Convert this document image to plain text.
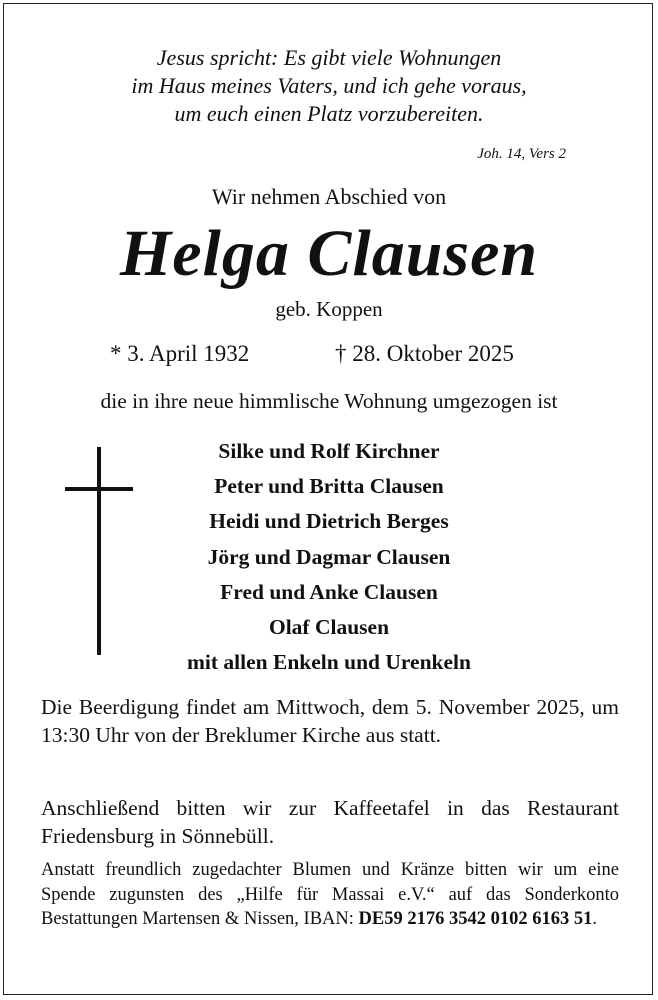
Jesus spricht: Es gibt viele Wohnungen
im Haus meines Vaters, und ich gehe voraus,
um euch einen Platz vorzubereiten.
Joh. 14, Vers 2
Wir nehmen Abschied von
Helga Clausen
geb. Koppen
* 3. April 1932	† 28. Oktober 2025
die in ihre neue himmlische Wohnung umgezogen ist
Silke und Rolf Kirchner
Peter und Britta Clausen
Heidi und Dietrich Berges
Jörg und Dagmar Clausen
Fred und Anke Clausen
Olaf Clausen
mit allen Enkeln und Urenkeln
Die Beerdigung findet am Mittwoch, dem 5. November 2025, um 13:30 Uhr von der Breklumer Kirche aus statt.
Anschließend bitten wir zur Kaffeetafel in das Restaurant Friedensburg in Sönnebüll.
Anstatt freundlich zugedachter Blumen und Kränze bitten wir um eine Spende zugunsten des „Hilfe für Massai e.V.“ auf das Sonderkonto Bestattungen Martensen & Nissen, IBAN: DE59 2176 3542 0102 6163 51.
